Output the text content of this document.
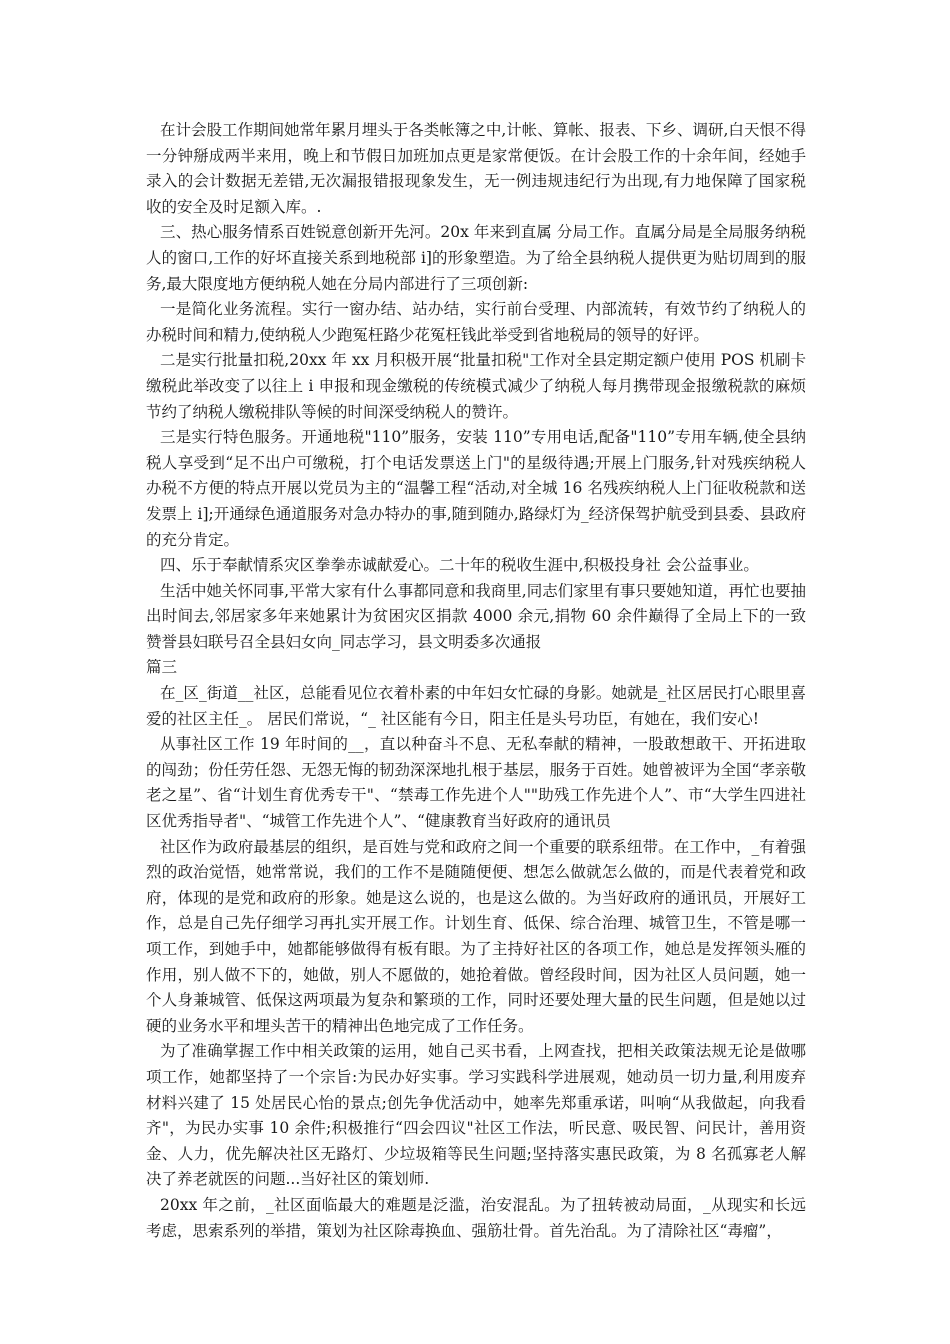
在计会股工作期间她常年累月埋头于各类帐簿之中,计帐、算帐、报表、下乡、调研,白天恨不得一分钟掰成两半来用，晚上和节假日加班加点更是家常便饭。在计会股工作的十余年间，经她手录入的会计数据无差错,无次漏报错报现象发生，无一例违规违纪行为出现,有力地保障了国家税收的安全及时足额入库。.

三、热心服务情系百姓锐意创新开先河。20x 年来到直属 分局工作。直属分局是全局服务纳税人的窗口,工作的好坏直接关系到地税部 i]的形象塑造。为了给全县纳税人提供更为贴切周到的服务,最大限度地方便纳税人她在分局内部进行了三项创新:

一是简化业务流程。实行一窗办结、站办结，实行前台受理、内部流转，有效节约了纳税人的办税时间和精力,使纳税人少跑冤枉路少花冤枉钱此举受到省地税局的领导的好评。

二是实行批量扣税,20xx 年 xx 月积极开展“批量扣税"工作对全县定期定额户使用 POS 机刷卡缴税此举改变了以往上 i 申报和现金缴税的传统模式减少了纳税人每月携带现金报缴税款的麻烦节约了纳税人缴税排队等候的时间深受纳税人的赞许。

三是实行特色服务。开通地税"110”服务，安装 110”专用电话,配备"110”专用车辆,使全县纳税人享受到“足不出户可缴税，打个电话发票送上门"的星级待遇;开展上门服务,针对残疾纳税人办税不方便的特点开展以党员为主的“温馨工程“活动,对全城 16 名残疾纳税人上门征收税款和送发票上 i];开通绿色通道服务对急办特办的事,随到随办,路绿灯为_经济保驾护航受到县委、县政府的充分肯定。

四、乐于奉献情系灾区拳拳赤诚献爱心。二十年的税收生涯中,积极投身社 会公益事业。

生活中她关怀同事,平常大家有什么事都同意和我商里,同志们家里有事只要她知道，再忙也要抽出时间去,邻居家多年来她累计为贫困灾区捐款 4000 余元,捐物 60 余件巅得了全局上下的一致赞誉县妇联号召全县妇女向_同志学习，县文明委多次通报

篇三

在_区_街道__社区，总能看见位衣着朴素的中年妇女忙碌的身影。她就是_社区居民打心眼里喜爱的社区主任_。 居民们常说，“_ 社区能有今日，阳主任是头号功臣，有她在，我们安心!

从事社区工作 19 年时间的__，直以种奋斗不息、无私奉献的精神，一股敢想敢干、开拓进取的闯劲；份任劳任怨、无怨无悔的韧劲深深地扎根于基层，服务于百姓。她曾被评为全国“孝亲敬老之星”、省“计划生育优秀专干"、“禁毒工作先进个人""助残工作先进个人”、市“大学生四进社区优秀指导者"、“城管工作先进个人”、“健康教育当好政府的通讯员

社区作为政府最基层的组织，是百姓与党和政府之间一个重要的联系纽带。在工作中，_有着强烈的政治觉悟，她常常说，我们的工作不是随随便便、想怎么做就怎么做的，而是代表着党和政府，体现的是党和政府的形象。她是这么说的，也是这么做的。为当好政府的通讯员，开展好工作，总是自己先仔细学习再扎实开展工作。计划生育、低保、综合治理、城管卫生，不管是哪一项工作，到她手中，她都能够做得有板有眼。为了主持好社区的各项工作，她总是发挥领头雁的作用，别人做不下的，她做，别人不愿做的，她抢着做。曾经段时间，因为社区人员问题，她一个人身兼城管、低保这两项最为复杂和繁琐的工作，同时还要处理大量的民生问题，但是她以过硬的业务水平和埋头苦干的精神出色地完成了工作任务。

为了准确掌握工作中相关政策的运用，她自己买书看，上网查找，把相关政策法规无论是做哪项工作，她都坚持了一个宗旨:为民办好实事。学习实践科学进展观，她动员一切力量,利用废弃材料兴建了 15 处居民心怡的景点;创先争优活动中，她率先郑重承诺，叫响“从我做起，向我看齐"，为民办实事 10 余件;积极推行“四会四议"社区工作法，听民意、吸民智、问民计，善用资金、人力，优先解决社区无路灯、少垃圾箱等民生问题;坚持落实惠民政策，为 8 名孤寡老人解决了养老就医的问题...当好社区的策划师.

20xx 年之前，_社区面临最大的难题是泛滥，治安混乱。为了扭转被动局面，_从现实和长远考虑，思索系列的举措，策划为社区除毒换血、强筋壮骨。首先治乱。为了清除社区“毒瘤”，
